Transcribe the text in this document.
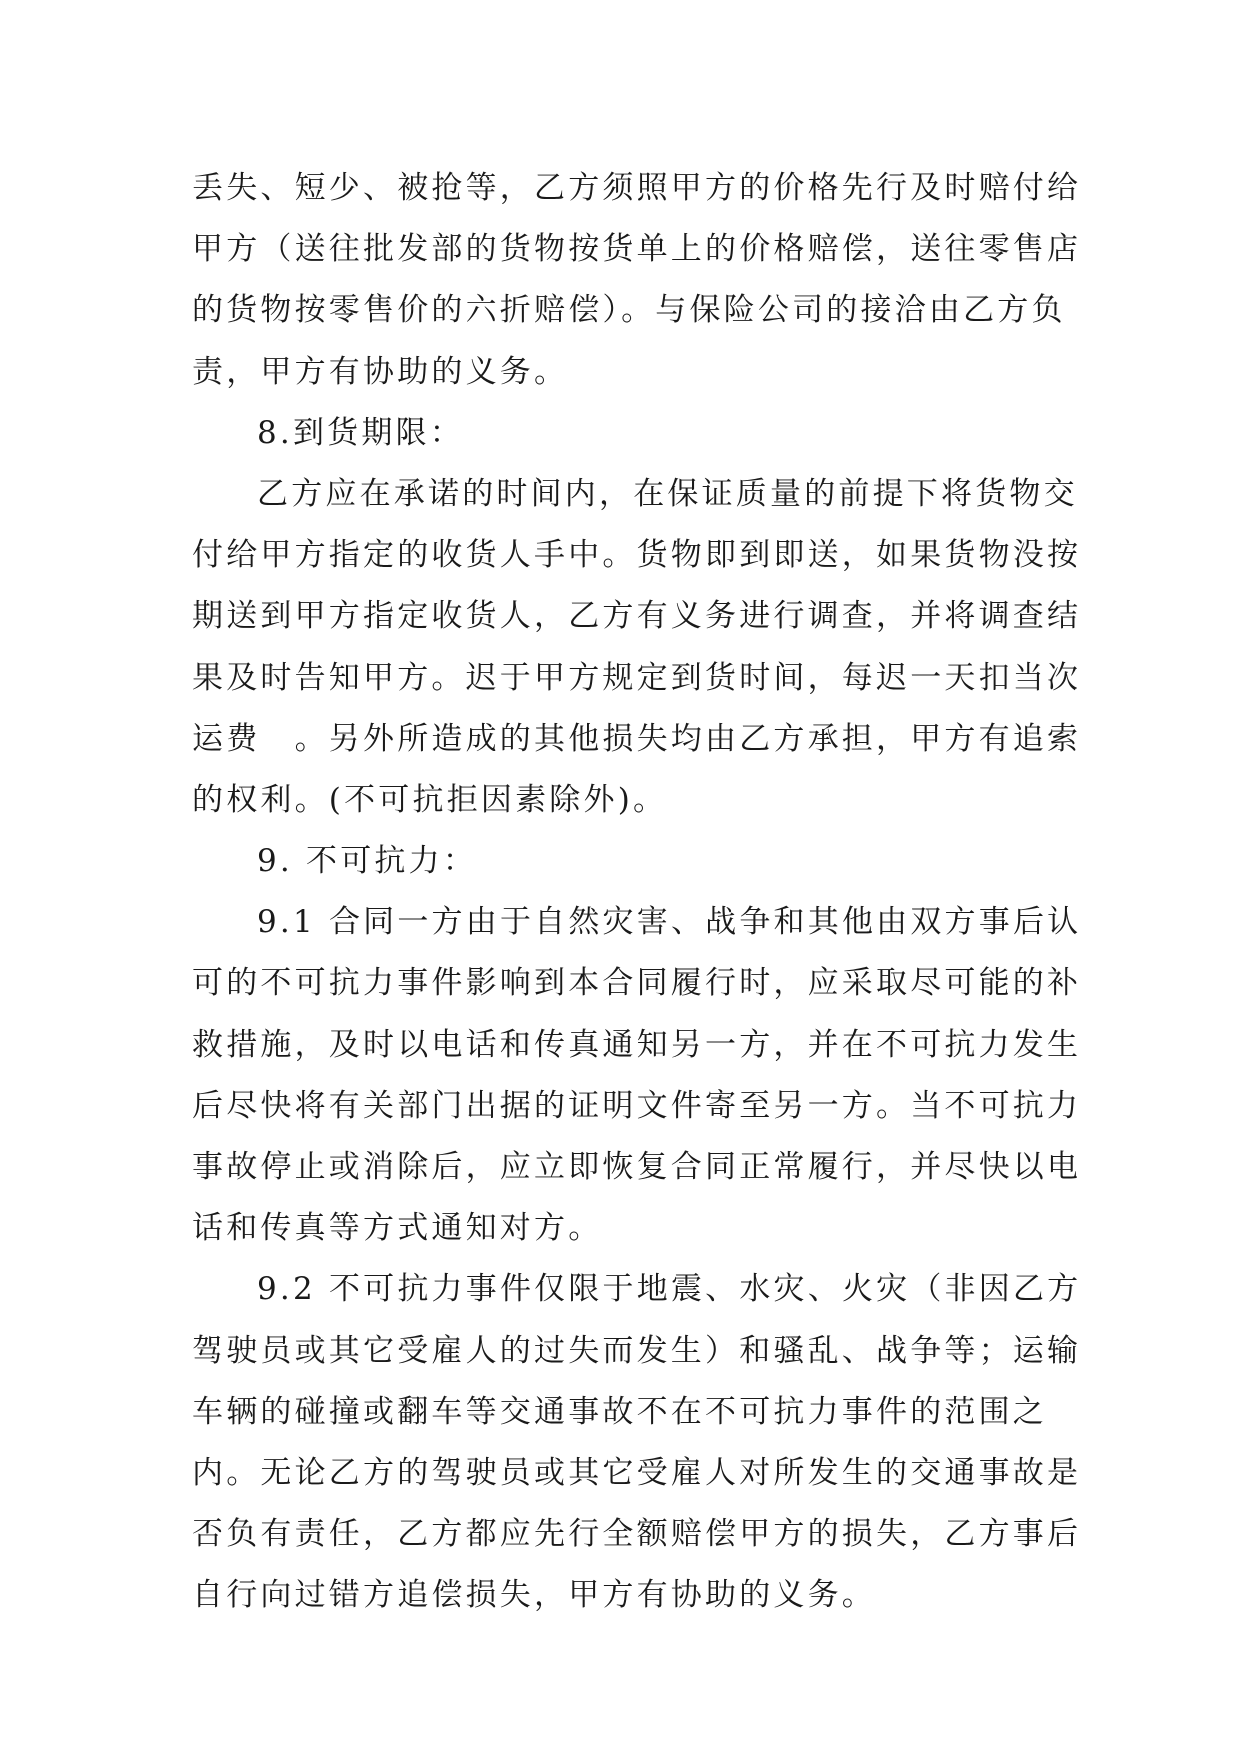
丢失、短少、被抢等，乙方须照甲方的价格先行及时赔付给
甲方（送往批发部的货物按货单上的价格赔偿，送往零售店
的货物按零售价的六折赔偿）。与保险公司的接洽由乙方负
责，甲方有协助的义务。
8.到货期限：
乙方应在承诺的时间内，在保证质量的前提下将货物交
付给甲方指定的收货人手中。货物即到即送，如果货物没按
期送到甲方指定收货人，乙方有义务进行调查，并将调查结
果及时告知甲方。迟于甲方规定到货时间，每迟一天扣当次
运费　。另外所造成的其他损失均由乙方承担，甲方有追索
的权利。(不可抗拒因素除外)。
9. 不可抗力：
9.1 合同一方由于自然灾害、战争和其他由双方事后认
可的不可抗力事件影响到本合同履行时，应采取尽可能的补
救措施，及时以电话和传真通知另一方，并在不可抗力发生
后尽快将有关部门出据的证明文件寄至另一方。当不可抗力
事故停止或消除后，应立即恢复合同正常履行，并尽快以电
话和传真等方式通知对方。
9.2 不可抗力事件仅限于地震、水灾、火灾（非因乙方
驾驶员或其它受雇人的过失而发生）和骚乱、战争等；运输
车辆的碰撞或翻车等交通事故不在不可抗力事件的范围之
内。无论乙方的驾驶员或其它受雇人对所发生的交通事故是
否负有责任，乙方都应先行全额赔偿甲方的损失，乙方事后
自行向过错方追偿损失，甲方有协助的义务。
